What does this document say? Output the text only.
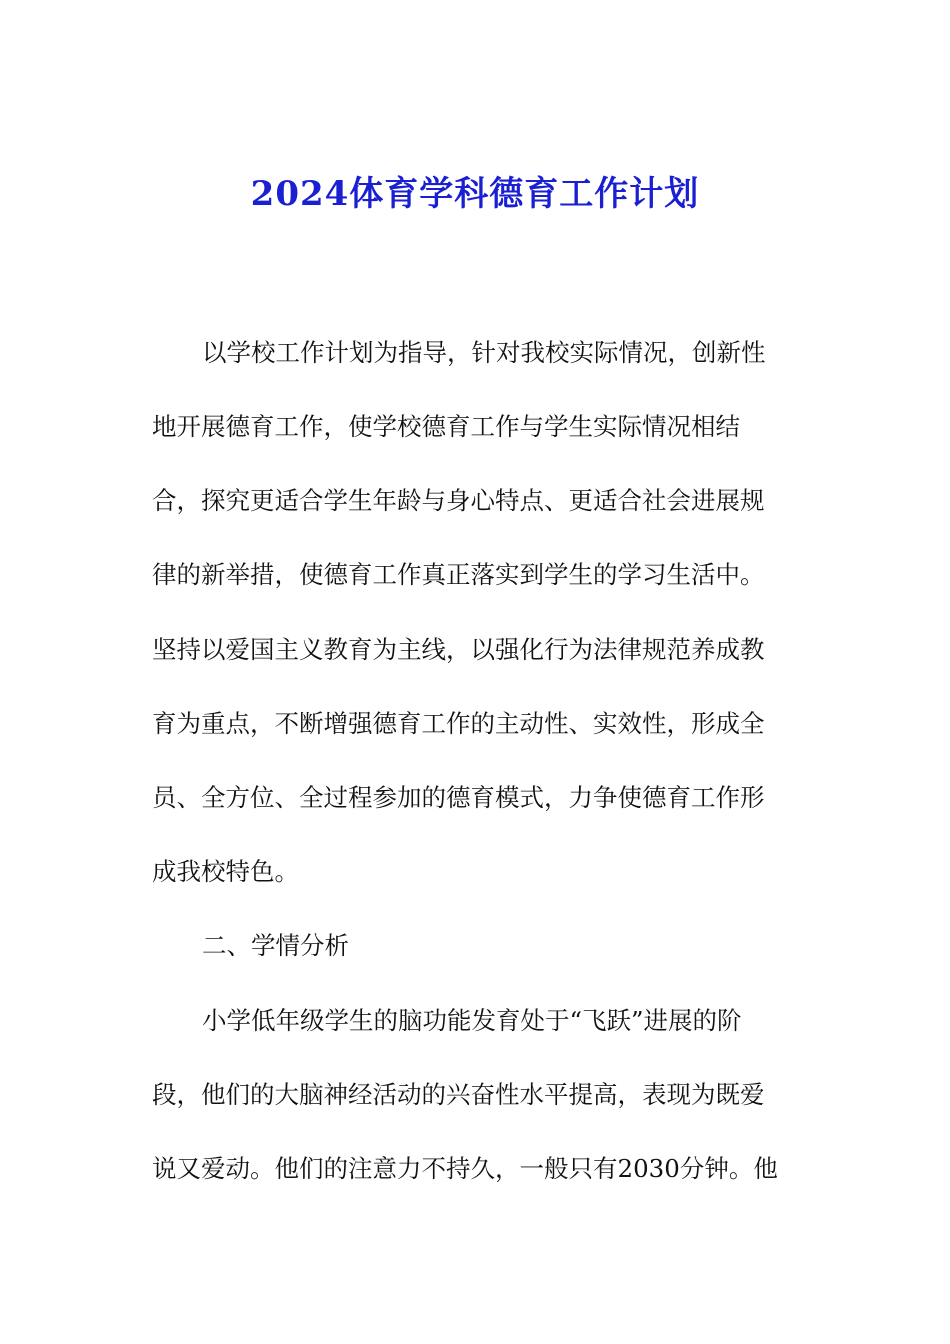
2024体育学科德育工作计划
以学校工作计划为指导，针对我校实际情况，创新性
地开展德育工作，使学校德育工作与学生实际情况相结
合，探究更适合学生年龄与身心特点、更适合社会进展规
律的新举措，使德育工作真正落实到学生的学习生活中。
坚持以爱国主义教育为主线，以强化行为法律规范养成教
育为重点，不断增强德育工作的主动性、实效性，形成全
员、全方位、全过程参加的德育模式，力争使德育工作形
成我校特色。
二、学情分析
小学低年级学生的脑功能发育处于“飞跃”进展的阶
段，他们的大脑神经活动的兴奋性水平提高，表现为既爱
说又爱动。他们的注意力不持久，一般只有2030分钟。他
